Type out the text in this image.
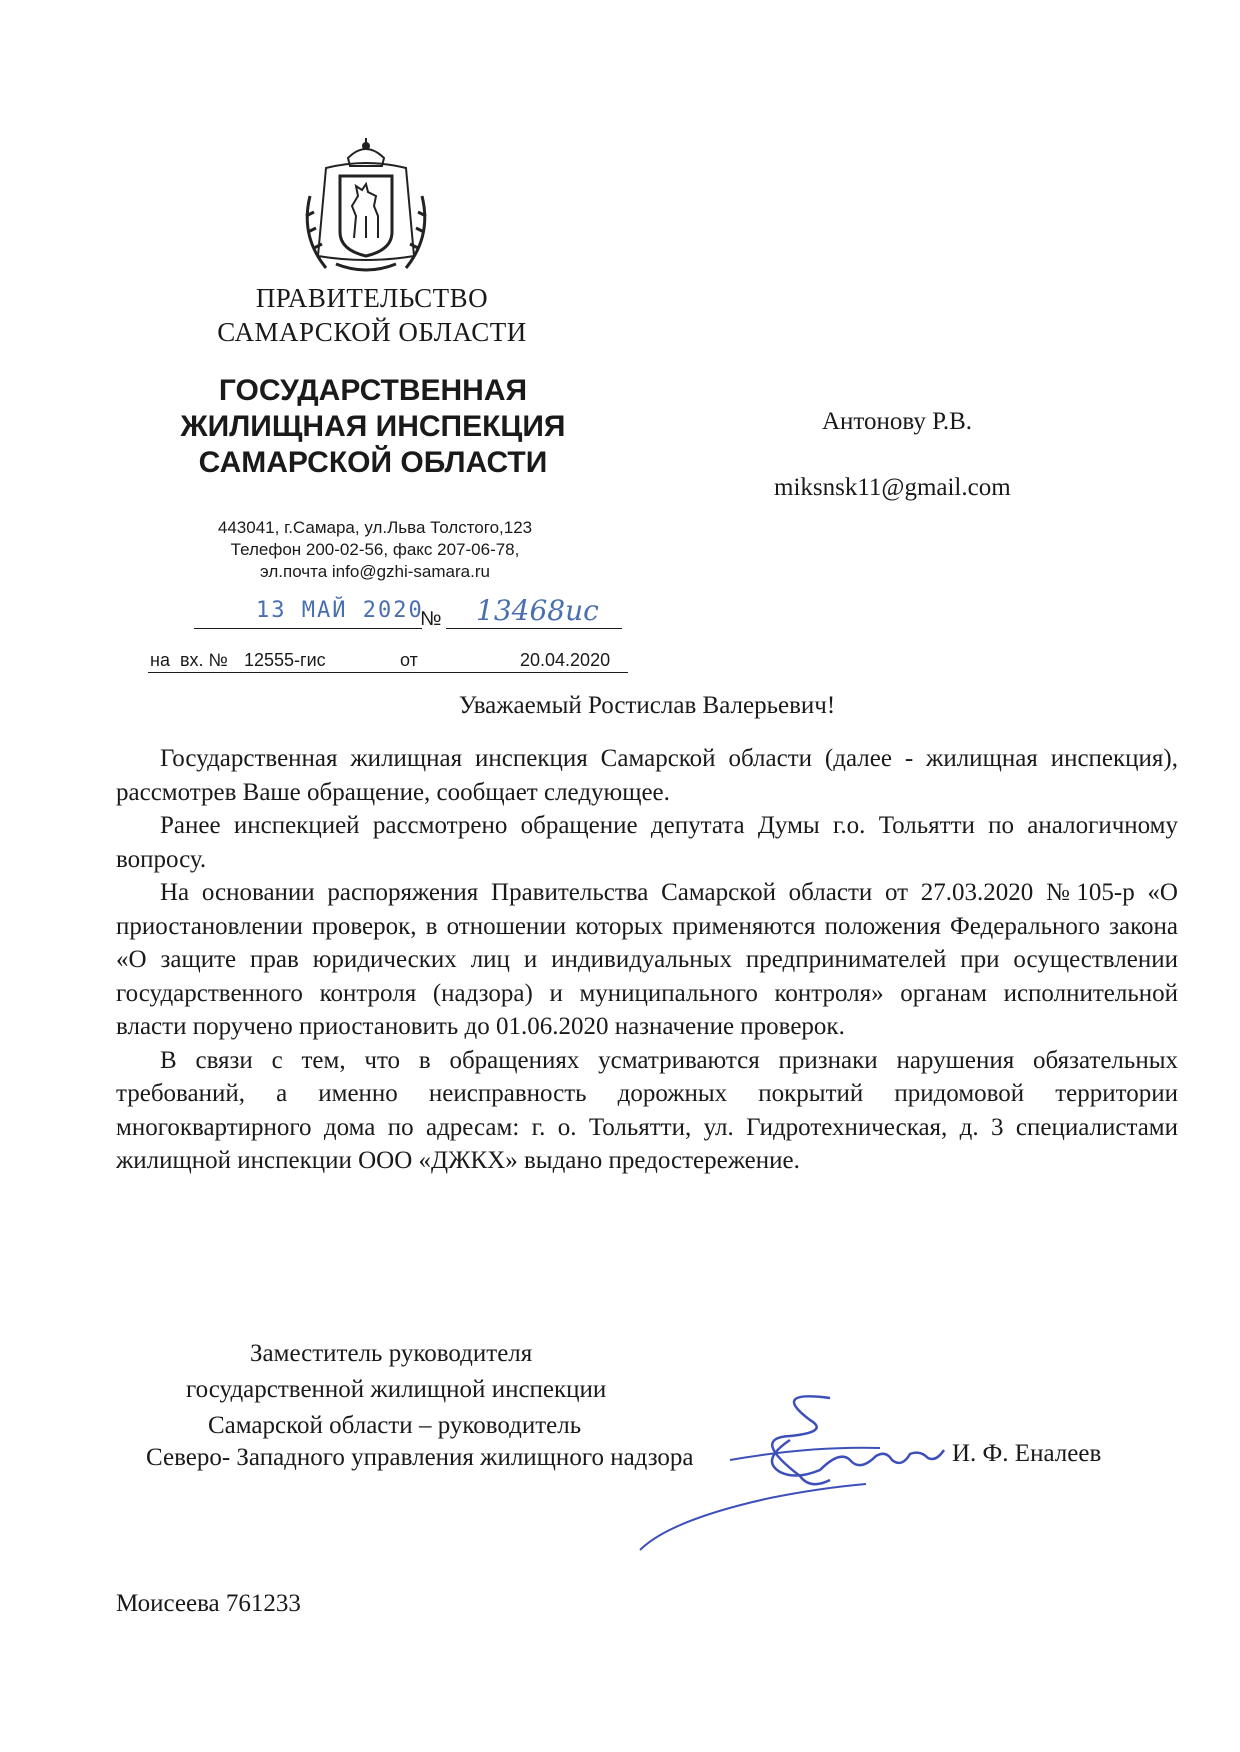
ПРАВИТЕЛЬСТВО
САМАРСКОЙ ОБЛАСТИ
ГОСУДАРСТВЕННАЯ
ЖИЛИЩНАЯ ИНСПЕКЦИЯ
САМАРСКОЙ ОБЛАСТИ
443041, г.Самара, ул.Льва Толстого,123
Телефон 200-02-56, факс 207-06-78,
эл.почта info@gzhi-samara.ru
Антонову Р.В.
miksnsk11@gmail.com
13 МАЙ 2020
№ 13468ис
на  вх. № 12555-гис	от	20.04.2020
Уважаемый Ростислав Валерьевич!

Государственная жилищная инспекция Самарской области (далее - жилищная инспекция), рассмотрев Ваше обращение, сообщает следующее.

Ранее инспекцией рассмотрено обращение депутата Думы г.о. Тольятти по аналогичному вопросу.

На основании распоряжения Правительства Самарской области от 27.03.2020 №105-р «О приостановлении проверок, в отношении которых применяются положения Федерального закона «О защите прав юридических лиц и индивидуальных предпринимателей при осуществлении государственного контроля (надзора) и муниципального контроля» органам исполнительной власти поручено приостановить до 01.06.2020 назначение проверок.

В связи с тем, что в обращениях усматриваются признаки нарушения обязательных требований, а именно неисправность дорожных покрытий придомовой территории многоквартирного дома по адресам: г. о. Тольятти, ул. Гидротехническая, д. 3 специалистами жилищной инспекции ООО «ДЖКХ» выдано предостережение.

Заместитель руководителя
государственной жилищной инспекции
Самарской области – руководитель
Северо- Западного управления жилищного надзора	И. Ф. Еналеев
Моисеева 761233
